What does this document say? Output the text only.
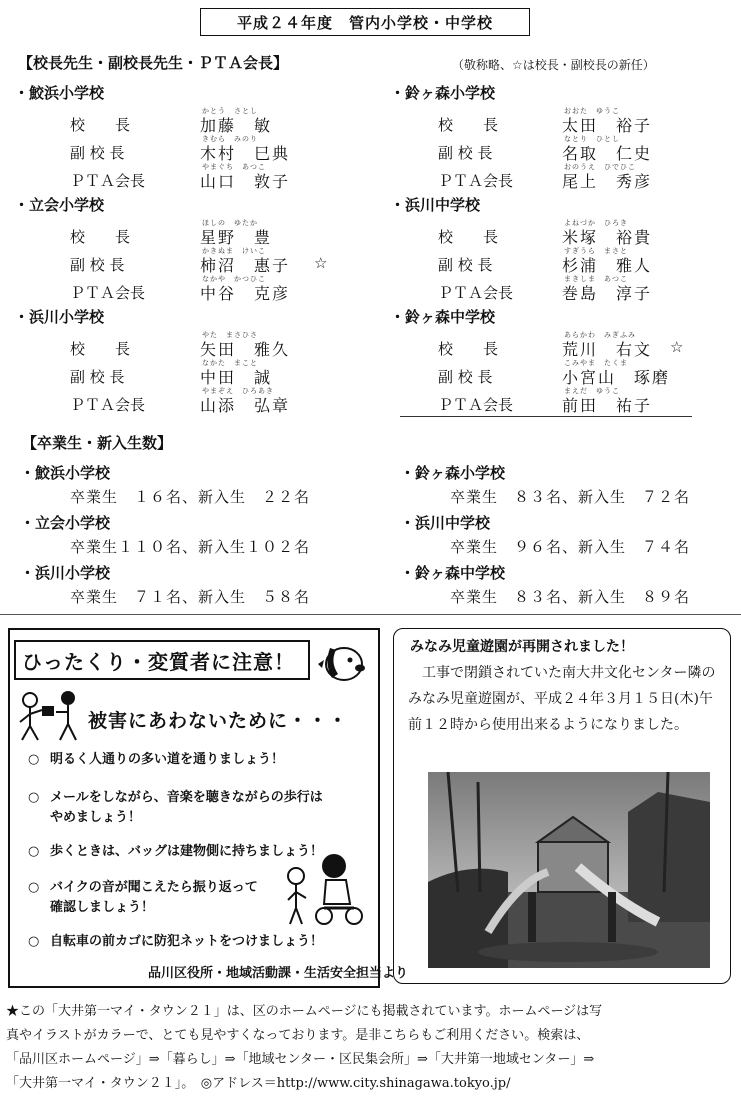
平成２４年度　管内小学校・中学校
【校長先生・副校長先生・ＰＴＡ会長】	（敬称略、☆は校長・副校長の新任）
・鮫浜小学校
かとう　さとし
校　　長	加藤　敏
きむら　みのり
副 校 長	木村　巳典
やまぐち　あつこ
ＰＴＡ会長	山口　敦子
・立会小学校
ほしの　ゆたか
校　　長	星野　豊
かきぬま　けいこ
副 校 長	柿沼　惠子 ☆
なかや　かつひこ
ＰＴＡ会長	中谷　克彦
・浜川小学校
やた　まさひさ
校　　長	矢田　雅久
なかた　まこと
副 校 長	中田　誠
やまぞえ　ひろあき
ＰＴＡ会長	山添　弘章
・鈴ヶ森小学校
おおた　ゆうこ
校　　長	太田　裕子
なとり　ひとし
副 校 長	名取　仁史
おのうえ　ひでひこ
ＰＴＡ会長	尾上　秀彦
・浜川中学校
よねづか　ひろき
校　　長	米塚　裕貴
すぎうら　まさと
副 校 長	杉浦　雅人
まきしま　あつこ
ＰＴＡ会長	巻島　淳子
・鈴ヶ森中学校
あらかわ　みぎふみ
校　　長	荒川　右文 ☆
こみやま　たくま
副 校 長	小宮山　琢磨
まえだ　ゆうこ
ＰＴＡ会長	前田　祐子
【卒業生・新入生数】
・鮫浜小学校
卒業生　１６名、新入生　２２名
・立会小学校
卒業生１１０名、新入生１０２名
・浜川小学校
卒業生　７１名、新入生　５８名
・鈴ヶ森小学校
卒業生　８３名、新入生　７２名
・浜川中学校
卒業生　９６名、新入生　７４名
・鈴ヶ森中学校
卒業生　８３名、新入生　８９名
ひったくり・変質者に注意！
被害にあわないために・・・
○ 明るく人通りの多い道を通りましょう！
○ メールをしながら、音楽を聴きながらの歩行は
やめましょう！
○ 歩くときは、バッグは建物側に持ちましょう！
○ バイクの音が聞こえたら振り返って
確認しましょう！
○ 自転車の前カゴに防犯ネットをつけましょう！
品川区役所・地域活動課・生活安全担当より
みなみ児童遊園が再開されました！
　工事で閉鎖されていた南大井文化センター隣のみなみ児童遊園が、平成２４年３月１５日(木)午前１２時から使用出来るようになりました。
★この「大井第一マイ・タウン２１」は、区のホームページにも掲載されています。ホームページは写
真やイラストがカラーで、とても見やすくなっております。是非こちらもご利用ください。検索は、
「品川区ホームページ」⇒「暮らし」⇒「地域センター・区民集会所」⇒「大井第一地域センター」⇒
「大井第一マイ・タウン２１」。　◎アドレス＝http://www.city.shinagawa.tokyo.jp/
